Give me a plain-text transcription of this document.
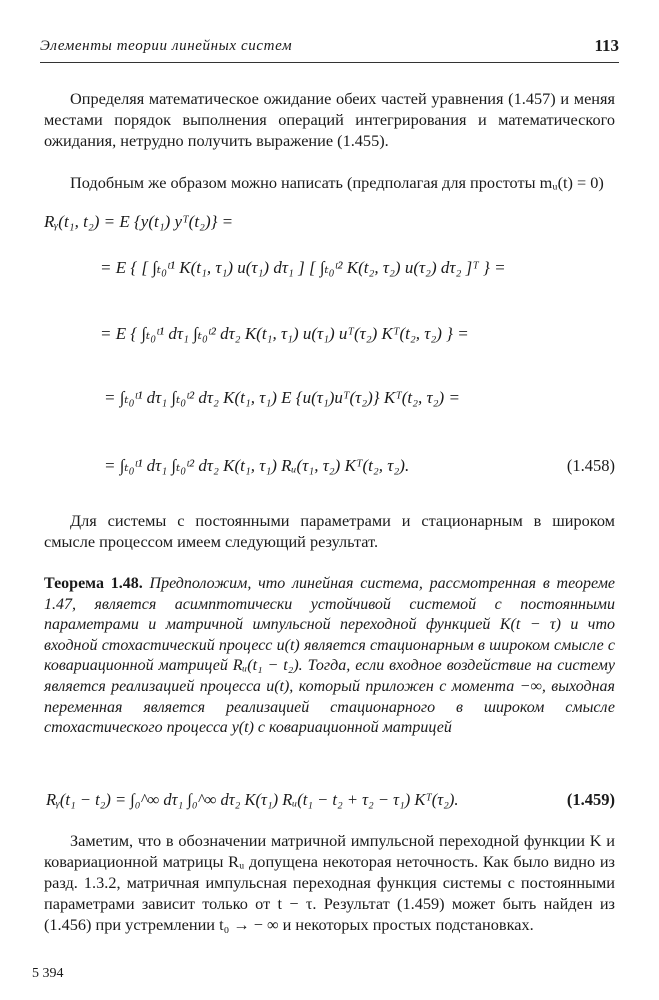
Элементы теории линейных систем	113

Определяя математическое ожидание обеих частей уравнения (1.457) и меняя местами порядок выполнения операций интегрирования и математического ожидания, нетрудно получить выражение (1.455).

Подобным же образом можно написать (предполагая для простоты mᵤ(t) = 0)

Rᵧ(t₁, t₂) = E {y(t₁) yᵀ(t₂)} =
= E { [ ∫ₜ₀ᵗ¹ K(t₁, τ₁) u(τ₁) dτ₁ ] [ ∫ₜ₀ᵗ² K(t₂, τ₂) u(τ₂) dτ₂ ]ᵀ } =
= E { ∫ₜ₀ᵗ¹ dτ₁ ∫ₜ₀ᵗ² dτ₂ K(t₁, τ₁) u(τ₁) uᵀ(τ₂) Kᵀ(t₂, τ₂) } =
= ∫ₜ₀ᵗ¹ dτ₁ ∫ₜ₀ᵗ² dτ₂ K(t₁, τ₁) E {u(τ₁)uᵀ(τ₂)} Kᵀ(t₂, τ₂) =
= ∫ₜ₀ᵗ¹ dτ₁ ∫ₜ₀ᵗ² dτ₂ K(t₁, τ₁) Rᵤ(τ₁, τ₂) Kᵀ(t₂, τ₂).	(1.458)

Для системы с постоянными параметрами и стационарным в широком смысле процессом имеем следующий результат.

Теорема 1.48. Предположим, что линейная система, рассмотренная в теореме 1.47, является асимптотически устойчивой системой с постоянными параметрами и матричной импульсной переходной функцией K(t − τ) и что входной стохастический процесс u(t) является стационарным в широком смысле с ковариационной матрицей Rᵤ(t₁ − t₂). Тогда, если входное воздействие на систему является реализацией процесса u(t), который приложен с момента −∞, выходная переменная является реализацией стационарного в широком смысле стохастического процесса y(t) с ковариационной матрицей

Rᵧ(t₁ − t₂) = ∫₀^∞ dτ₁ ∫₀^∞ dτ₂ K(τ₁) Rᵤ(t₁ − t₂ + τ₂ − τ₁) Kᵀ(τ₂).	(1.459)

Заметим, что в обозначении матричной импульсной переходной функции K и ковариационной матрицы Rᵤ допущена некоторая неточность. Как было видно из разд. 1.3.2, матричная импульсная переходная функция системы с постоянными параметрами зависит только от t − τ. Результат (1.459) может быть найден из (1.456) при устремлении t₀ → − ∞ и некоторых простых подстановках.

5 394
